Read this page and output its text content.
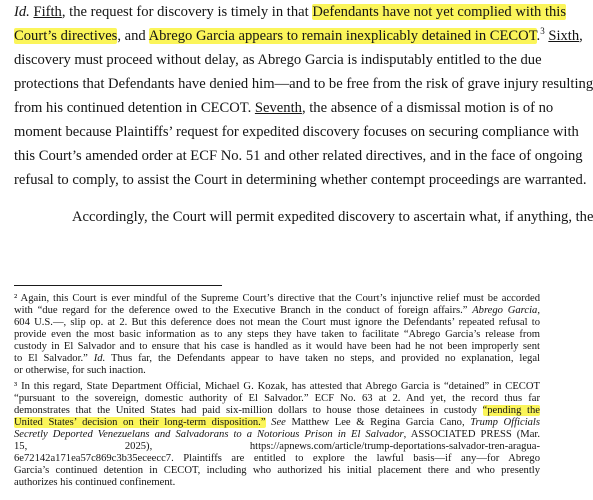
Id. Fifth, the request for discovery is timely in that Defendants have not yet complied with this
Court’s directives, and Abrego Garcia appears to remain inexplicably detained in CECOT.$^3$ Sixth,
discovery must proceed without delay, as Abrego Garcia is indisputably entitled to the due
protections that Defendants have denied him—and to be free from the risk of grave injury resulting
from his continued detention in CECOT. Seventh, the absence of a dismissal motion is of no
moment because Plaintiffs’ request for expedited discovery focuses on securing compliance with
this Court’s amended order at ECF No. 51 and other related directives, and in the face of ongoing
refusal to comply, to assist the Court in determining whether contempt proceedings are warranted.
Accordingly, the Court will permit expedited discovery to ascertain what, if anything, the
² Again, this Court is ever mindful of the Supreme Court’s directive that the Court’s injunctive relief must be accorded
with “due regard for the deference owed to the Executive Branch in the conduct of foreign affairs.” Abrego Garcia,
604 U.S.—, slip op. at 2. But this deference does not mean the Court must ignore the Defendants’ repeated refusal to
provide even the most basic information as to any steps they have taken to facilitate “Abrego Garcia’s release from
custody in El Salvador and to ensure that his case is handled as it would have been had he not been improperly sent
to El Salvador.” Id. Thus far, the Defendants appear to have taken no steps, and provided no explanation, legal
or otherwise, for such inaction.
³ In this regard, State Department Official, Michael G. Kozak, has attested that Abrego Garcia is “detained” in CECOT
“pursuant to the sovereign, domestic authority of El Salvador.” ECF No. 63 at 2. And yet, the record thus far
demonstrates that the United States had paid six-million dollars to house those detainees in custody “pending the
United States’ decision on their long-term disposition.” See Matthew Lee & Regina Garcia Cano, Trump Officials
Secretly Deported Venezuelans and Salvadorans to a Notorious Prison in El Salvador, ASSOCIATED PRESS (Mar.
15,	2025),	https://apnews.com/article/trump-deportations-salvador-tren-aragua-
6e72142a171ea57c869c3b35eceecc7. Plaintiffs are entitled to explore the lawful basis—if any—for Abrego
Garcia’s continued detention in CECOT, including who authorized his initial placement there and who presently
authorizes his continued confinement.
